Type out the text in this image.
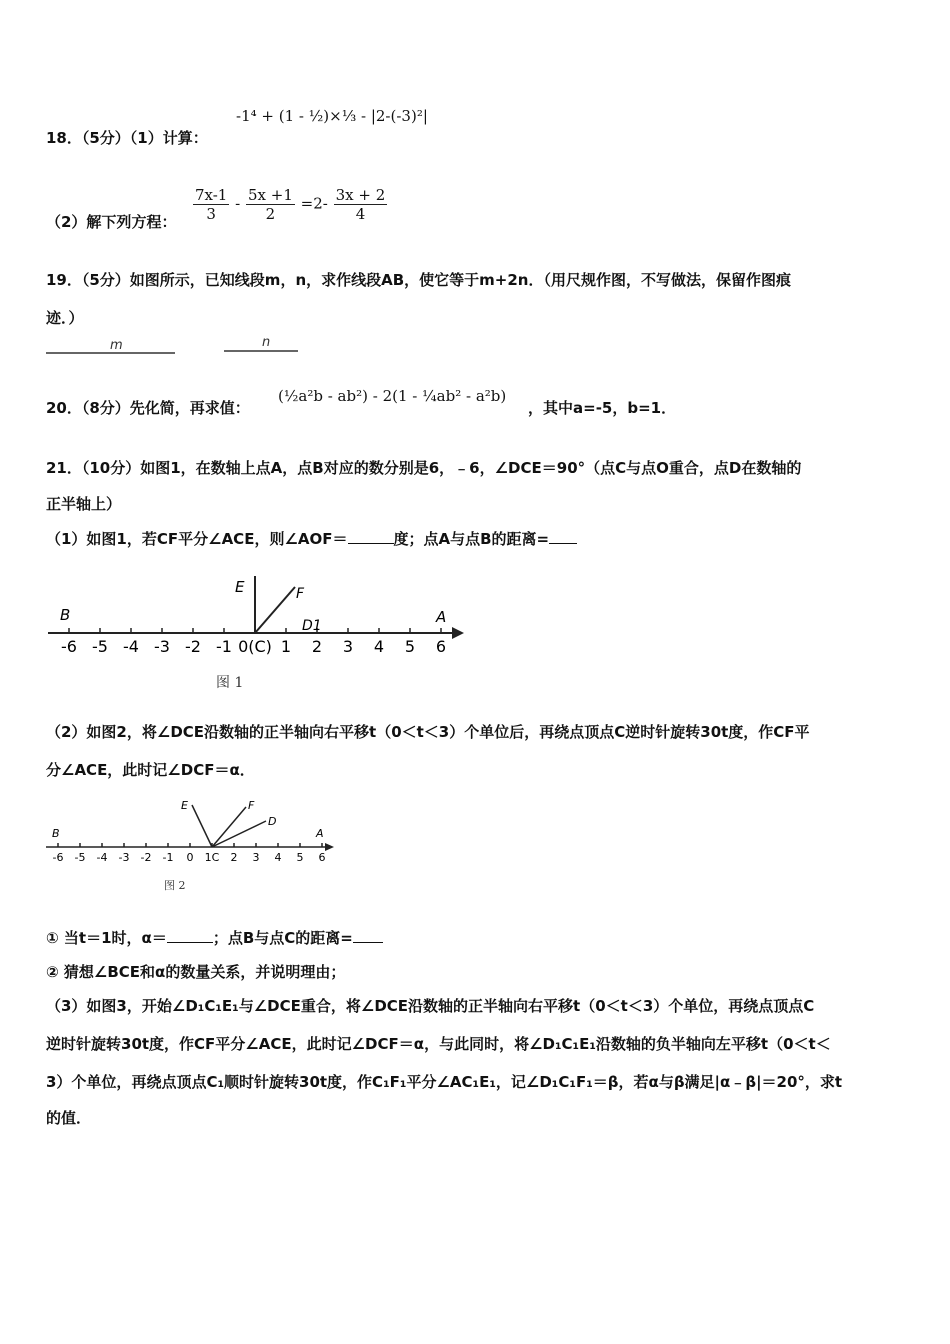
18．（5分）（1）计算：
-1⁴ + (1 - ½)×⅓ - |2-(-3)²|
（2）解下列方程： $\frac{7x-1}{3} - \frac{5x +1}{2} =2- \frac{3x + 2}{4}$
19．（5分）如图所示，已知线段m，n，求作线段AB，使它等于m+2n．（用尺规作图，不写做法，保留作图痕
迹．）
m	n
20．（8分）先化简，再求值：
(½a²b - ab²) - 2(1 - ¼ab² - a²b)
，其中a=-5，b=1．
21．（10分）如图1，在数轴上点A，点B对应的数分别是6，﹣6，∠DCE＝90°（点C与点O重合，点D在数轴的
正半轴上）
（1）如图1，若CF平分∠ACE，则∠AOF＝	度；点A与点B的距离=
-6 -5 -4 -3 -2 -1 0(C) 1 2 3 4 5 6
E	F
D1
B	A
图 1
（2）如图2，将∠DCE沿数轴的正半轴向右平移t（0＜t＜3）个单位后，再绕点顶点C逆时针旋转30t度，作CF平
分∠ACE，此时记∠DCF＝α．
-6 -5 -4 -3 -2 -1 0 1C 2 3 4 5 6
E	F
D
B	A
图 2
① 当t＝1时，α＝	；点B与点C的距离=
② 猜想∠BCE和α的数量关系，并说明理由；
（3）如图3，开始∠D₁C₁E₁与∠DCE重合，将∠DCE沿数轴的正半轴向右平移t（0＜t＜3）个单位，再绕点顶点C
逆时针旋转30t度，作CF平分∠ACE，此时记∠DCF＝α，与此同时，将∠D₁C₁E₁沿数轴的负半轴向左平移t（0＜t＜
3）个单位，再绕点顶点C₁顺时针旋转30t度，作C₁F₁平分∠AC₁E₁，记∠D₁C₁F₁＝β，若α与β满足|α﹣β|＝20°，求t
的值．
